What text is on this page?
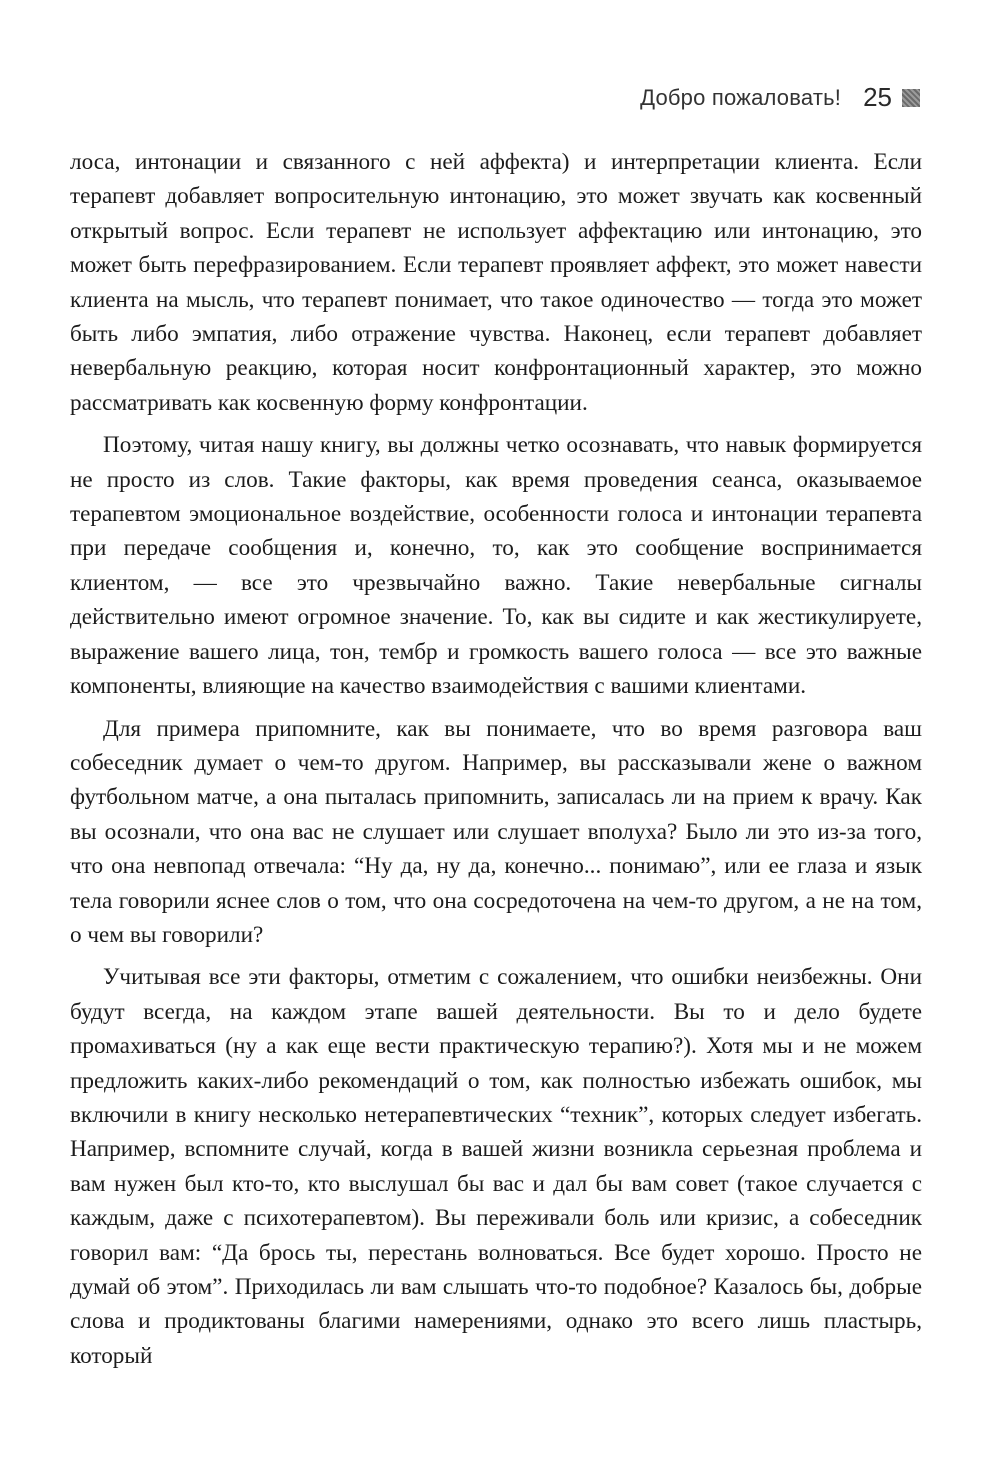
Добро пожаловать! 25

лоса, интонации и связанного с ней аффекта) и интерпретации клиента. Если терапевт добавляет вопросительную интонацию, это может звучать как косвенный открытый вопрос. Если терапевт не использует аффектацию или интонацию, это может быть перефразированием. Если терапевт проявляет аффект, это может навести клиента на мысль, что терапевт понимает, что такое одиночество — тогда это может быть либо эмпатия, либо отражение чувства. Наконец, если терапевт добавляет невербальную реакцию, которая носит конфронтационный характер, это можно рассматривать как косвенную форму конфронтации.

Поэтому, читая нашу книгу, вы должны четко осознавать, что навык формируется не просто из слов. Такие факторы, как время проведения сеанса, оказываемое терапевтом эмоциональное воздействие, особенности голоса и интонации терапевта при передаче сообщения и, конечно, то, как это сообщение воспринимается клиентом, — все это чрезвычайно важно. Такие невербальные сигналы действительно имеют огромное значение. То, как вы сидите и как жестикулируете, выражение вашего лица, тон, тембр и громкость вашего голоса — все это важные компоненты, влияющие на качество взаимодействия с вашими клиентами.

Для примера припомните, как вы понимаете, что во время разговора ваш собеседник думает о чем-то другом. Например, вы рассказывали жене о важном футбольном матче, а она пыталась припомнить, записалась ли на прием к врачу. Как вы осознали, что она вас не слушает или слушает вполуха? Было ли это из-за того, что она невпопад отвечала: “Ну да, ну да, конечно... понимаю”, или ее глаза и язык тела говорили яснее слов о том, что она сосредоточена на чем-то другом, а не на том, о чем вы говорили?

Учитывая все эти факторы, отметим с сожалением, что ошибки неизбежны. Они будут всегда, на каждом этапе вашей деятельности. Вы то и дело будете промахиваться (ну а как еще вести практическую терапию?). Хотя мы и не можем предложить каких-либо рекомендаций о том, как полностью избежать ошибок, мы включили в книгу несколько нетерапевтических “техник”, которых следует избегать. Например, вспомните случай, когда в вашей жизни возникла серьезная проблема и вам нужен был кто-то, кто выслушал бы вас и дал бы вам совет (такое случается с каждым, даже с психотерапевтом). Вы переживали боль или кризис, а собеседник говорил вам: “Да брось ты, перестань волноваться. Все будет хорошо. Просто не думай об этом”. Приходилась ли вам слышать что-то подобное? Казалось бы, добрые слова и продиктованы благими намерениями, однако это всего лишь пластырь, который
